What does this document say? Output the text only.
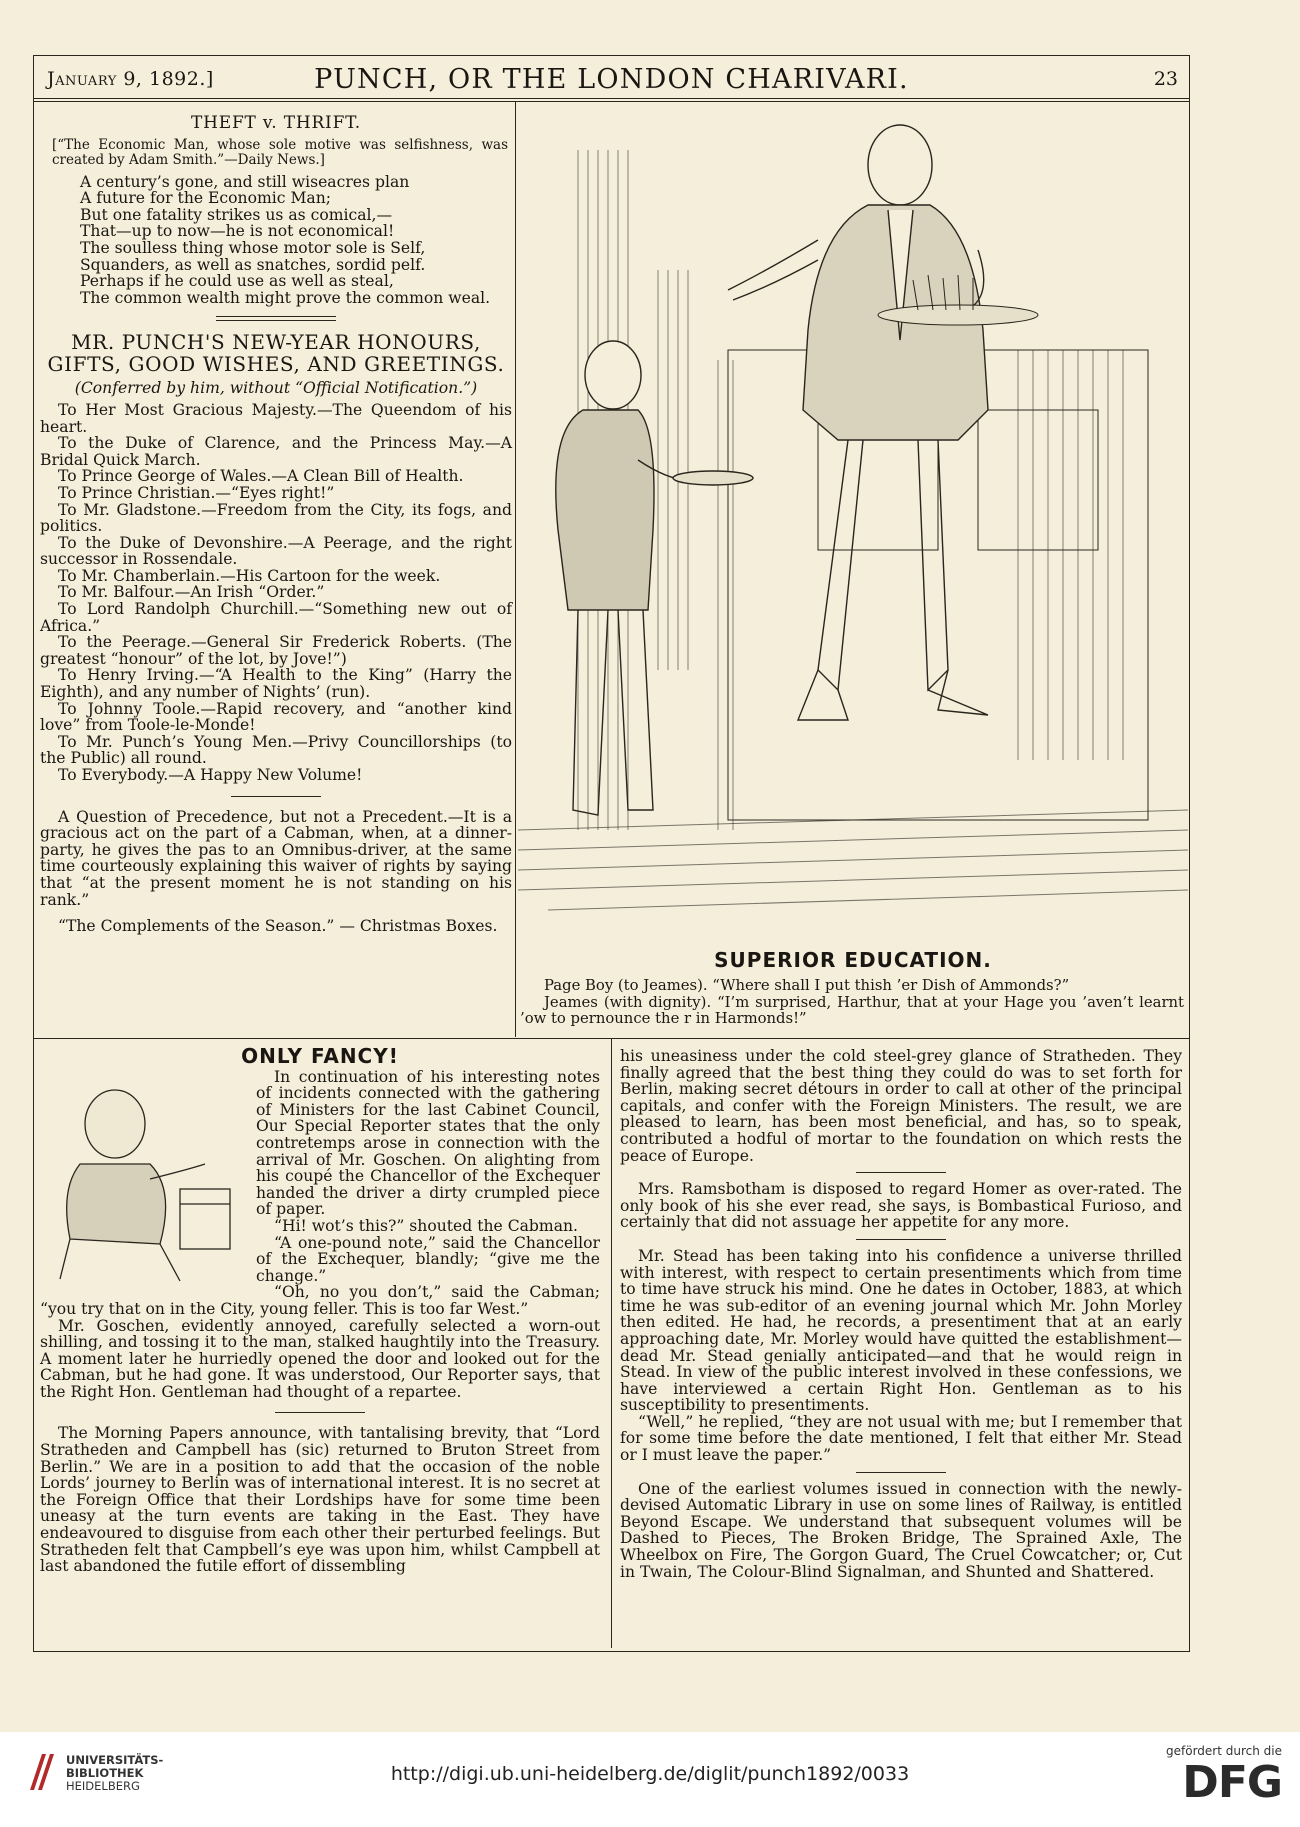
January 9, 1892.]	PUNCH, OR THE LONDON CHARIVARI.	23

THEFT v. THRIFT.

[“The Economic Man, whose sole motive was selfishness, was created by Adam Smith.”—Daily News.]

A century’s gone, and still wiseacres plan

A future for the Economic Man;

But one fatality strikes us as comical,—

That—up to now—he is not economical!

The soulless thing whose motor sole is Self,

Squanders, as well as snatches, sordid pelf.

Perhaps if he could use as well as steal,

The common wealth might prove the common weal.

MR. PUNCH'S NEW-YEAR HONOURS, GIFTS, GOOD WISHES, AND GREETINGS.

(Conferred by him, without “Official Notification.”)

To Her Most Gracious Majesty.—The Queendom of his heart.

To the Duke of Clarence, and the Princess May.—A Bridal Quick March.

To Prince George of Wales.—A Clean Bill of Health.

To Prince Christian.—“Eyes right!”

To Mr. Gladstone.—Freedom from the City, its fogs, and politics.

To the Duke of Devonshire.—A Peerage, and the right successor in Rossendale.

To Mr. Chamberlain.—His Cartoon for the week.

To Mr. Balfour.—An Irish “Order.”

To Lord Randolph Churchill.—“Something new out of Africa.”

To the Peerage.—General Sir Frederick Roberts. (The greatest “honour” of the lot, by Jove!”)

To Henry Irving.—“A Health to the King” (Harry the Eighth), and any number of Nights’ (run).

To Johnny Toole.—Rapid recovery, and “another kind love” from Toole-le-Monde!

To Mr. Punch’s Young Men.—Privy Councillorships (to the Public) all round.

To Everybody.—A Happy New Volume!

A Question of Precedence, but not a Precedent.—It is a gracious act on the part of a Cabman, when, at a dinner-party, he gives the pas to an Omnibus-driver, at the same time courteously explaining this waiver of rights by saying that “at the present moment he is not standing on his rank.”

“The Complements of the Season.” — Christmas Boxes.

SUPERIOR EDUCATION.

Page Boy (to Jeames). “Where shall I put thish ’er Dish of Ammonds?”

Jeames (with dignity). “I’m surprised, Harthur, that at your Hage you ’aven’t learnt ’ow to pernounce the r in Harmonds!”

ONLY FANCY!

In continuation of his interesting notes of incidents connected with the gathering of Ministers for the last Cabinet Council, Our Special Reporter states that the only contretemps arose in connection with the arrival of Mr. Goschen. On alighting from his coupé the Chancellor of the Exchequer handed the driver a dirty crumpled piece of paper.

“Hi! wot’s this?” shouted the Cabman.

“A one-pound note,” said the Chancellor of the Exchequer, blandly; “give me the change.”

“Oh, no you don’t,” said the Cabman; “you try that on in the City, young feller. This is too far West.”

Mr. Goschen, evidently annoyed, carefully selected a worn-out shilling, and tossing it to the man, stalked haughtily into the Treasury. A moment later he hurriedly opened the door and looked out for the Cabman, but he had gone. It was understood, Our Reporter says, that the Right Hon. Gentleman had thought of a repartee.

The Morning Papers announce, with tantalising brevity, that “Lord Stratheden and Campbell has (sic) returned to Bruton Street from Berlin.” We are in a position to add that the occasion of the noble Lords’ journey to Berlin was of international interest. It is no secret at the Foreign Office that their Lordships have for some time been uneasy at the turn events are taking in the East. They have endeavoured to disguise from each other their perturbed feelings. But Stratheden felt that Campbell’s eye was upon him, whilst Campbell at last abandoned the futile effort of dissembling

his uneasiness under the cold steel-grey glance of Stratheden. They finally agreed that the best thing they could do was to set forth for Berlin, making secret détours in order to call at other of the principal capitals, and confer with the Foreign Ministers. The result, we are pleased to learn, has been most beneficial, and has, so to speak, contributed a hodful of mortar to the foundation on which rests the peace of Europe.

Mrs. Ramsbotham is disposed to regard Homer as over-rated. The only book of his she ever read, she says, is Bombastical Furioso, and certainly that did not assuage her appetite for any more.

Mr. Stead has been taking into his confidence a universe thrilled with interest, with respect to certain presentiments which from time to time have struck his mind. One he dates in October, 1883, at which time he was sub-editor of an evening journal which Mr. John Morley then edited. He had, he records, a presentiment that at an early approaching date, Mr. Morley would have quitted the establishment—dead Mr. Stead genially anticipated—and that he would reign in Stead. In view of the public interest involved in these confessions, we have interviewed a certain Right Hon. Gentleman as to his susceptibility to presentiments.

“Well,” he replied, “they are not usual with me; but I remember that for some time before the date mentioned, I felt that either Mr. Stead or I must leave the paper.”

One of the earliest volumes issued in connection with the newly-devised Automatic Library in use on some lines of Railway, is entitled Beyond Escape. We understand that subsequent volumes will be Dashed to Pieces, The Broken Bridge, The Sprained Axle, The Wheelbox on Fire, The Gorgon Guard, The Cruel Cowcatcher; or, Cut in Twain, The Colour-Blind Signalman, and Shunted and Shattered.

UNIVERSITÄTS-
BIBLIOTHEK
HEIDELBERG
http://digi.ub.uni-heidelberg.de/diglit/punch1892/0033
gefördert durch die
DFG
